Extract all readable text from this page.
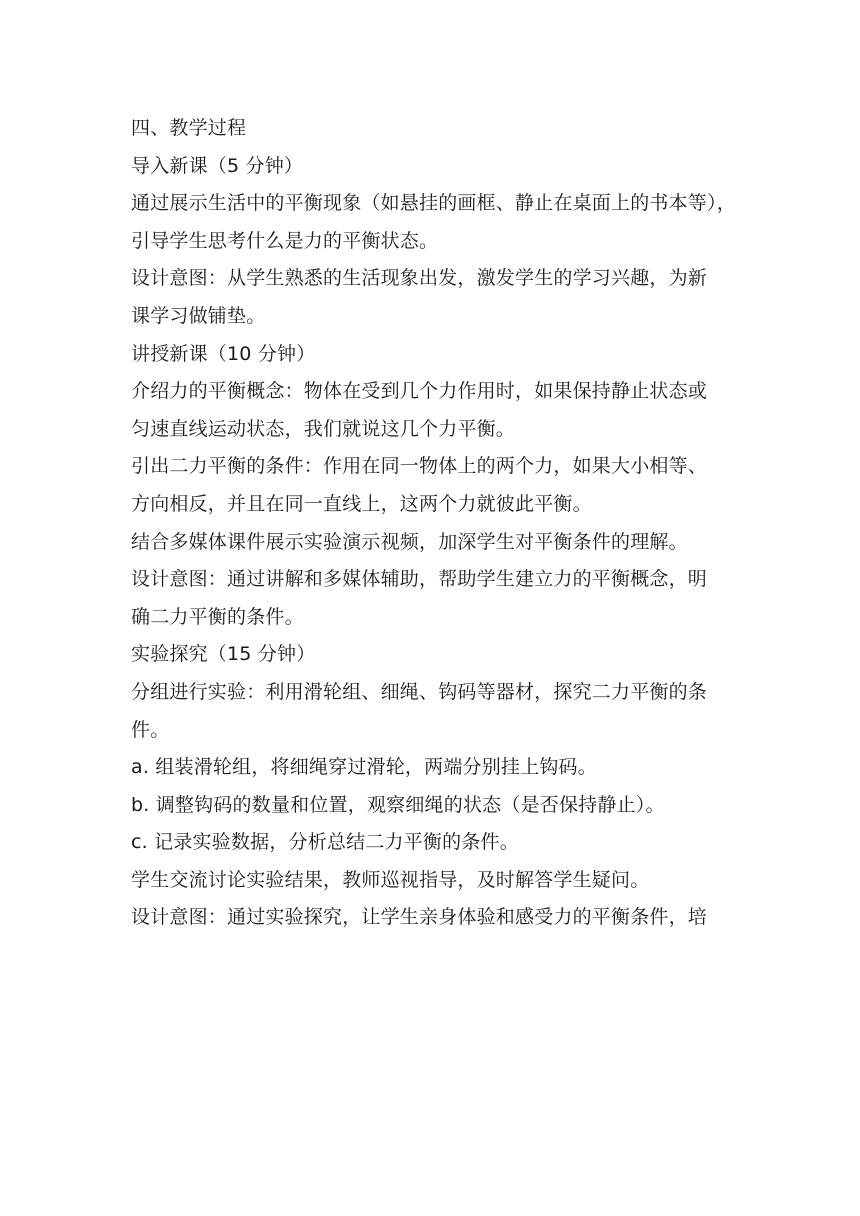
四、教学过程

导入新课（5 分钟）

通过展示生活中的平衡现象（如悬挂的画框、静止在桌面上的书本等），
引导学生思考什么是力的平衡状态。

设计意图：从学生熟悉的生活现象出发，激发学生的学习兴趣，为新
课学习做铺垫。

讲授新课（10 分钟）

介绍力的平衡概念：物体在受到几个力作用时，如果保持静止状态或
匀速直线运动状态，我们就说这几个力平衡。

引出二力平衡的条件：作用在同一物体上的两个力，如果大小相等、
方向相反，并且在同一直线上，这两个力就彼此平衡。

结合多媒体课件展示实验演示视频，加深学生对平衡条件的理解。

设计意图：通过讲解和多媒体辅助，帮助学生建立力的平衡概念，明
确二力平衡的条件。

实验探究（15 分钟）

分组进行实验：利用滑轮组、细绳、钩码等器材，探究二力平衡的条
件。

a. 组装滑轮组，将细绳穿过滑轮，两端分别挂上钩码。

b. 调整钩码的数量和位置，观察细绳的状态（是否保持静止）。

c. 记录实验数据，分析总结二力平衡的条件。

学生交流讨论实验结果，教师巡视指导，及时解答学生疑问。

设计意图：通过实验探究，让学生亲身体验和感受力的平衡条件，培
